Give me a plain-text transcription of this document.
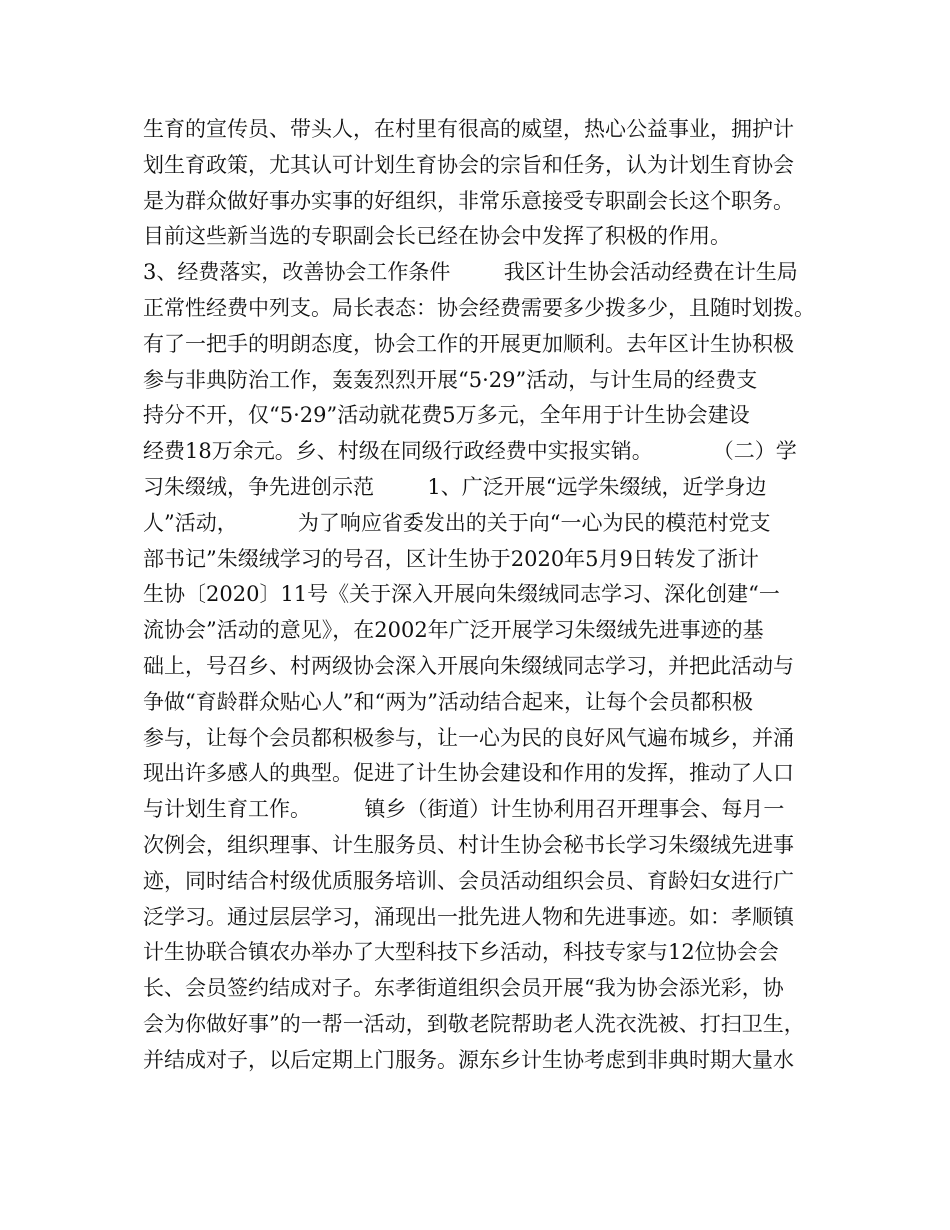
生育的宣传员、带头人，在村里有很高的威望，热心公益事业，拥护计
划生育政策，尤其认可计划生育协会的宗旨和任务，认为计划生育协会
是为群众做好事办实事的好组织，非常乐意接受专职副会长这个职务。
目前这些新当选的专职副会长已经在协会中发挥了积极的作用。
3、经费落实，改善协会工作条件        我区计生协会活动经费在计生局
正常性经费中列支。局长表态：协会经费需要多少拨多少，且随时划拨。
有了一把手的明朗态度，协会工作的开展更加顺利。去年区计生协积极
参与非典防治工作，轰轰烈烈开展“5·29”活动，与计生局的经费支
持分不开，仅“5·29”活动就花费5万多元，全年用于计生协会建设
经费18万余元。乡、村级在同级行政经费中实报实销。         （二）学
习朱缀绒，争先进创示范        1、广泛开展“远学朱缀绒，近学身边
人”活动，         为了响应省委发出的关于向“一心为民的模范村党支
部书记”朱缀绒学习的号召，区计生协于2020年5月9日转发了浙计
生协〔2020〕11号《关于深入开展向朱缀绒同志学习、深化创建“一
流协会”活动的意见》，在2002年广泛开展学习朱缀绒先进事迹的基
础上，号召乡、村两级协会深入开展向朱缀绒同志学习，并把此活动与
争做“育龄群众贴心人”和“两为”活动结合起来，让每个会员都积极
参与，让每个会员都积极参与，让一心为民的良好风气遍布城乡，并涌
现出许多感人的典型。促进了计生协会建设和作用的发挥，推动了人口
与计划生育工作。        镇乡（街道）计生协利用召开理事会、每月一
次例会，组织理事、计生服务员、村计生协会秘书长学习朱缀绒先进事
迹，同时结合村级优质服务培训、会员活动组织会员、育龄妇女进行广
泛学习。通过层层学习，涌现出一批先进人物和先进事迹。如：孝顺镇
计生协联合镇农办举办了大型科技下乡活动，科技专家与12位协会会
长、会员签约结成对子。东孝街道组织会员开展“我为协会添光彩，协
会为你做好事”的一帮一活动，到敬老院帮助老人洗衣洗被、打扫卫生，
并结成对子，以后定期上门服务。源东乡计生协考虑到非典时期大量水
